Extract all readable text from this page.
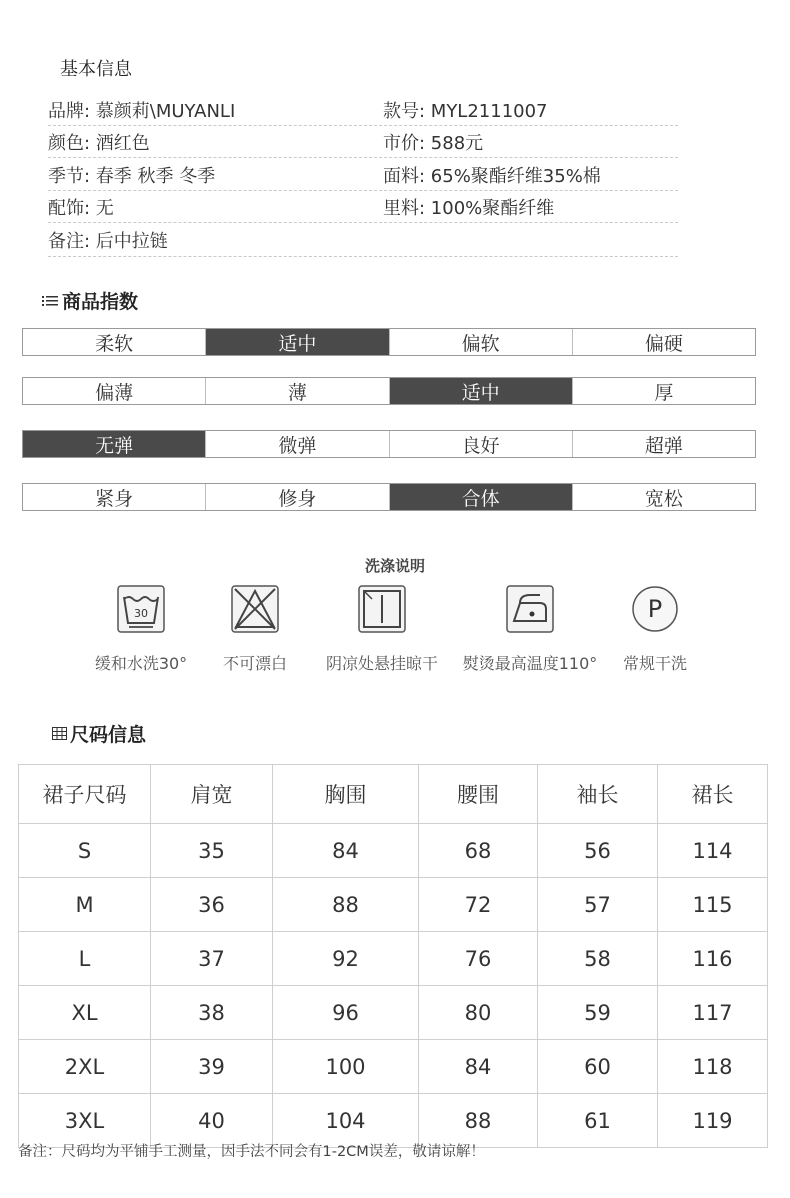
基本信息
品牌: 慕颜莉\MUYANLI	款号: MYL2111007
颜色: 酒红色	市价: 588元
季节: 春季 秋季 冬季	面料: 65%聚酯纤维35%棉
配饰: 无	里料: 100%聚酯纤维
备注: 后中拉链
商品指数
柔软	适中	偏软	偏硬
偏薄	薄	适中	厚
无弹	微弹	良好	超弹
紧身	修身	合体	宽松
洗涤说明
30
缓和水洗30°	不可漂白	阴凉处悬挂晾干	熨烫最高温度110°
P
常规干洗
尺码信息
裙子尺码	肩宽	胸围	腰围	袖长	裙长
S	35	84	68	56	114
M	36	88	72	57	115
L	37	92	76	58	116
XL	38	96	80	59	117
2XL	39	100	84	60	118
3XL	40	104	88	61	119
备注：尺码均为平铺手工测量，因手法不同会有1-2CM误差，敬请谅解！
